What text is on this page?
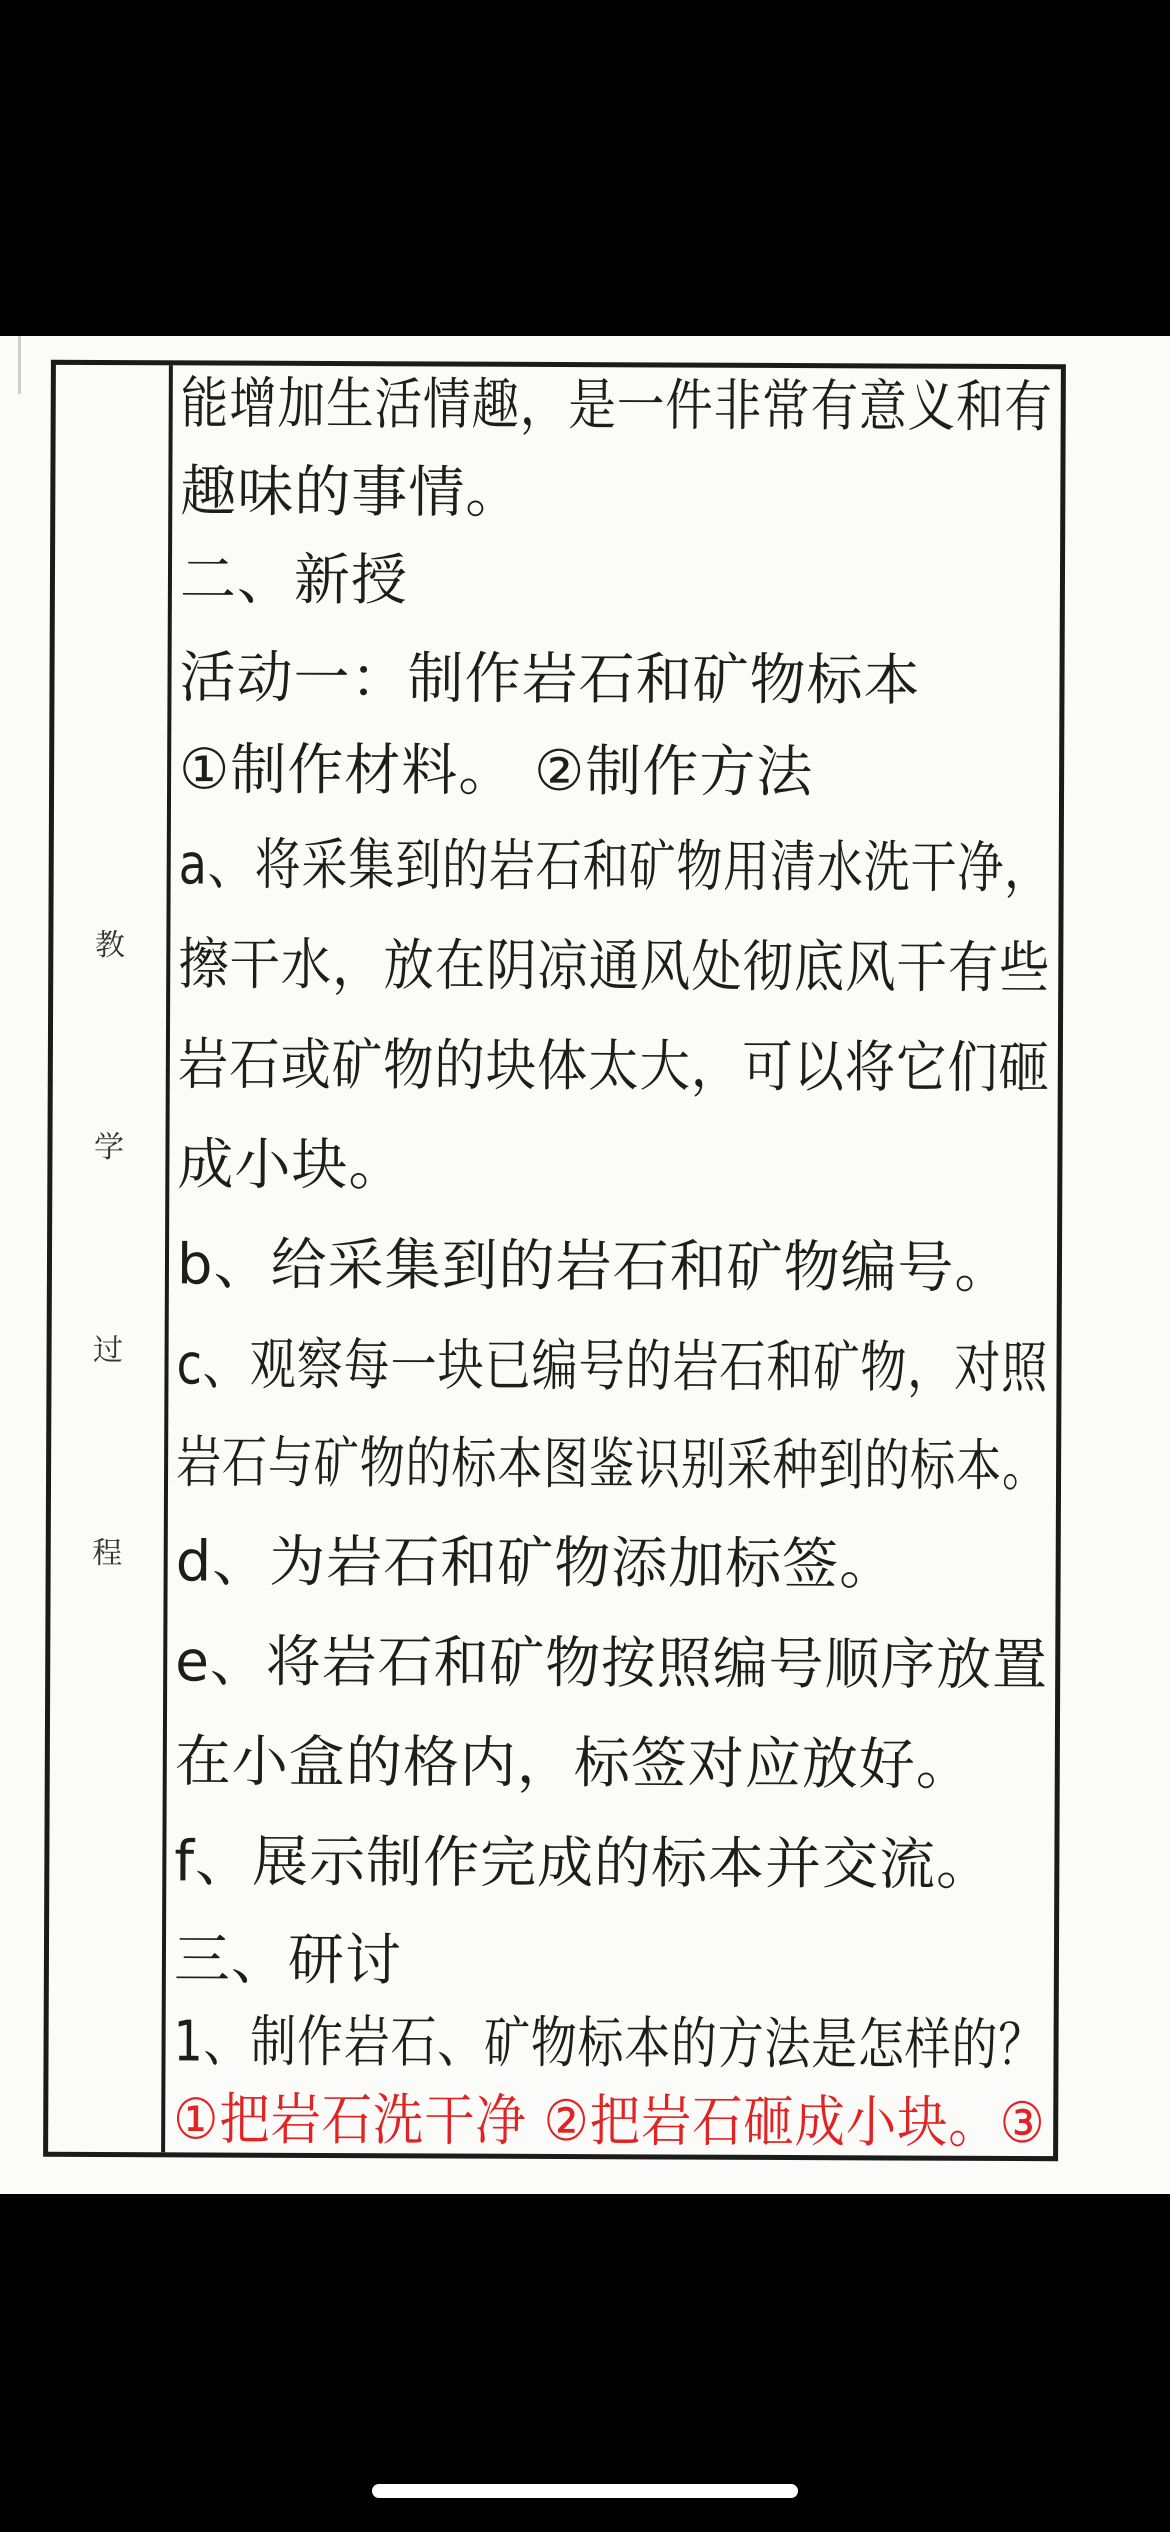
教
学
过
程
能增加生活情趣，是一件非常有意义和有
趣味的事情。
二、新授
活动一：制作岩石和矿物标本
①制作材料。 ②制作方法
a、将采集到的岩石和矿物用清水洗干净，
擦干水，放在阴凉通风处彻底风干有些
岩石或矿物的块体太大，可以将它们砸
成小块。
b、给采集到的岩石和矿物编号。
c、观察每一块已编号的岩石和矿物，对照
岩石与矿物的标本图鉴识别采种到的标本。
d、为岩石和矿物添加标签。
e、将岩石和矿物按照编号顺序放置
在小盒的格内，标签对应放好。
f、展示制作完成的标本并交流。
三、研讨
1、制作岩石、矿物标本的方法是怎样的？
①把岩石洗干净 ②把岩石砸成小块。③
